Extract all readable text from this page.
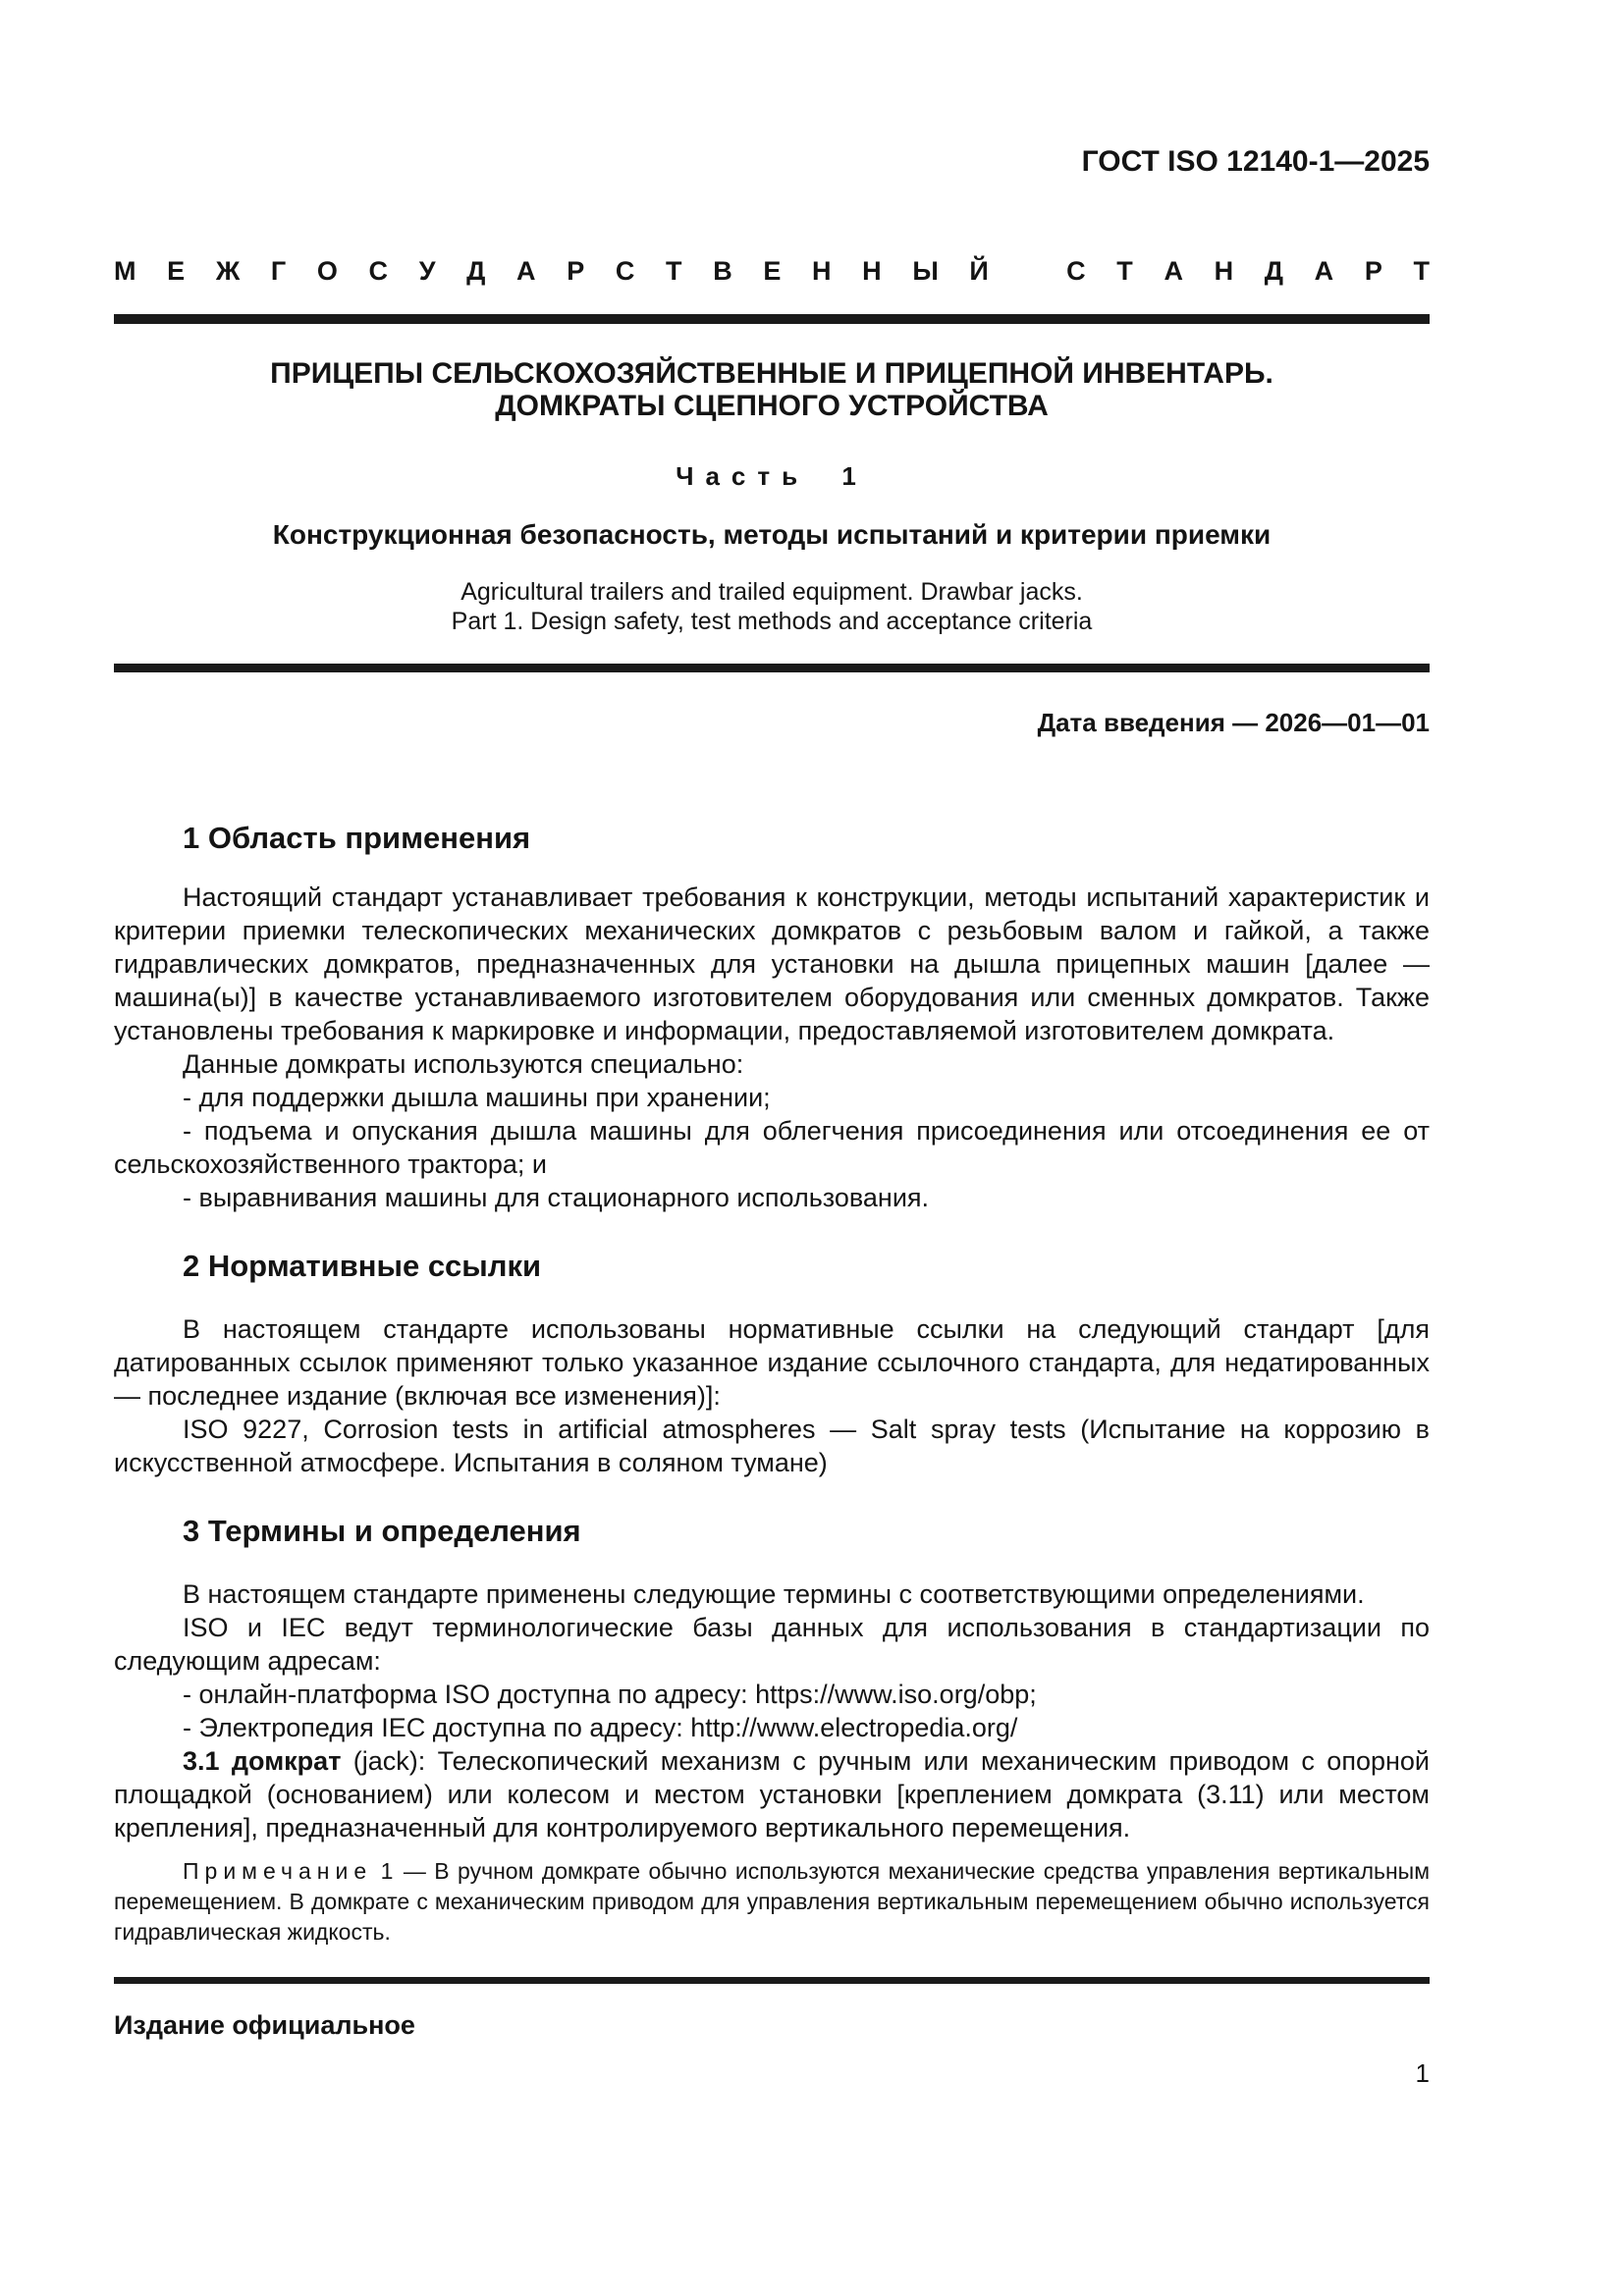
ГОСТ ISO 12140-1—2025
М Е Ж Г О С У Д А Р С Т В Е Н Н Ы Й	С Т А Н Д А Р Т
ПРИЦЕПЫ СЕЛЬСКОХОЗЯЙСТВЕННЫЕ И ПРИЦЕПНОЙ ИНВЕНТАРЬ.
ДОМКРАТЫ СЦЕПНОГО УСТРОЙСТВА
Часть 1
Конструкционная безопасность, методы испытаний и критерии приемки
Agricultural trailers and trailed equipment. Drawbar jacks.
Part 1. Design safety, test methods and acceptance criteria
Дата введения — 2026—01—01
1 Область применения

Настоящий стандарт устанавливает требования к конструкции, методы испытаний характеристик и критерии приемки телескопических механических домкратов с резьбовым валом и гайкой, а также гидравлических домкратов, предназначенных для установки на дышла прицепных машин [далее — машина(ы)] в качестве устанавливаемого изготовителем оборудования или сменных домкратов. Также установлены требования к маркировке и информации, предоставляемой изготовителем домкрата.

Данные домкраты используются специально:

- для поддержки дышла машины при хранении;

- подъема и опускания дышла машины для облегчения присоединения или отсоединения ее от сельскохозяйственного трактора; и

- выравнивания машины для стационарного использования.

2 Нормативные ссылки

В настоящем стандарте использованы нормативные ссылки на следующий стандарт [для датированных ссылок применяют только указанное издание ссылочного стандарта, для недатированных — последнее издание (включая все изменения)]:

ISO 9227, Corrosion tests in artificial atmospheres — Salt spray tests (Испытание на коррозию в искусственной атмосфере. Испытания в соляном тумане)

3 Термины и определения

В настоящем стандарте применены следующие термины с соответствующими определениями.

ISO и IEC ведут терминологические базы данных для использования в стандартизации по следующим адресам:

- онлайн-платформа ISO доступна по адресу: https://www.iso.org/obp;

- Электропедия IEC доступна по адресу: http://www.electropedia.org/

3.1 домкрат (jack): Телескопический механизм с ручным или механическим приводом с опорной площадкой (основанием) или колесом и местом установки [креплением домкрата (3.11) или местом крепления], предназначенный для контролируемого вертикального перемещения.

Примечание 1 — В ручном домкрате обычно используются механические средства управления вертикальным перемещением. В домкрате с механическим приводом для управления вертикальным перемещением обычно используется гидравлическая жидкость.

Издание официальное
1
